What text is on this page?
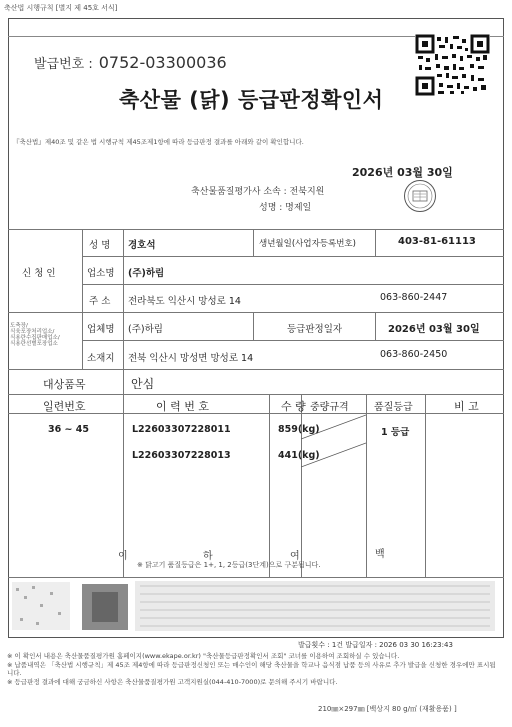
축산법 시행규칙 [별지 제 45호 서식]
발급번호 : 0752-03300036
축산물 (닭) 등급판정확인서
『축산법』제40조 및 같은 법 시행규칙 제45조제1항에 따라 등급판정 결과를 아래와 같이 확인합니다.
2026년 03월 30일
축산물품질평가사 소속 : 전북지원
성명 : 명제일
신 청 인
성 명 경호석	생년월일(사업자등록번호)	403-81-61113
업소명 (주)하림
주 소 전라북도 익산시 망성로 14	063-860-2447
도축장/
식육포장처리업소/
식용란수집판매업소/
식용란선별포장업소
업체명 (주)하림	등급판정일자	2026년 03월 30일
소재지 전북 익산시 망성면 망성로 14	063-860-2450
대상품목	안심
일련번호	이 력 번 호	수 량 중량규격	품질등급	비 고
36 ~ 45	L22603307228011	859(kg)	1 등급
L22603307228013	441(kg)
이	하	여	백
※ 닭고기 품질등급은 1+, 1, 2등급(3단계)으로 구분됩니다.
발급횟수 : 1건 발급일자 : 2026 03 30 16:23:43
※ 이 확인서 내용은 축산물품질평가원 홈페이지(www.ekape.or.kr) "축산물등급판정확인서 조회" 코너를 이용하여 조회하실 수 있습니다.
※ 납품내역은 「축산법 시행규칙」제 45조 제4항에 따라 등급판정신청인 또는 매수인이 해당 축산물을 학교나 음식점 납품 등의 사유로 추가 발급을 신청한 경우에만 표시됩니다.
※ 등급판정 결과에 대해 궁금하신 사항은 축산물품질평가원 고객지원실(044-410-7000)로 문의해 주시기 바랍니다.
210㎜×297㎜ [백상지 80 g/㎡ (재활용품) ]
